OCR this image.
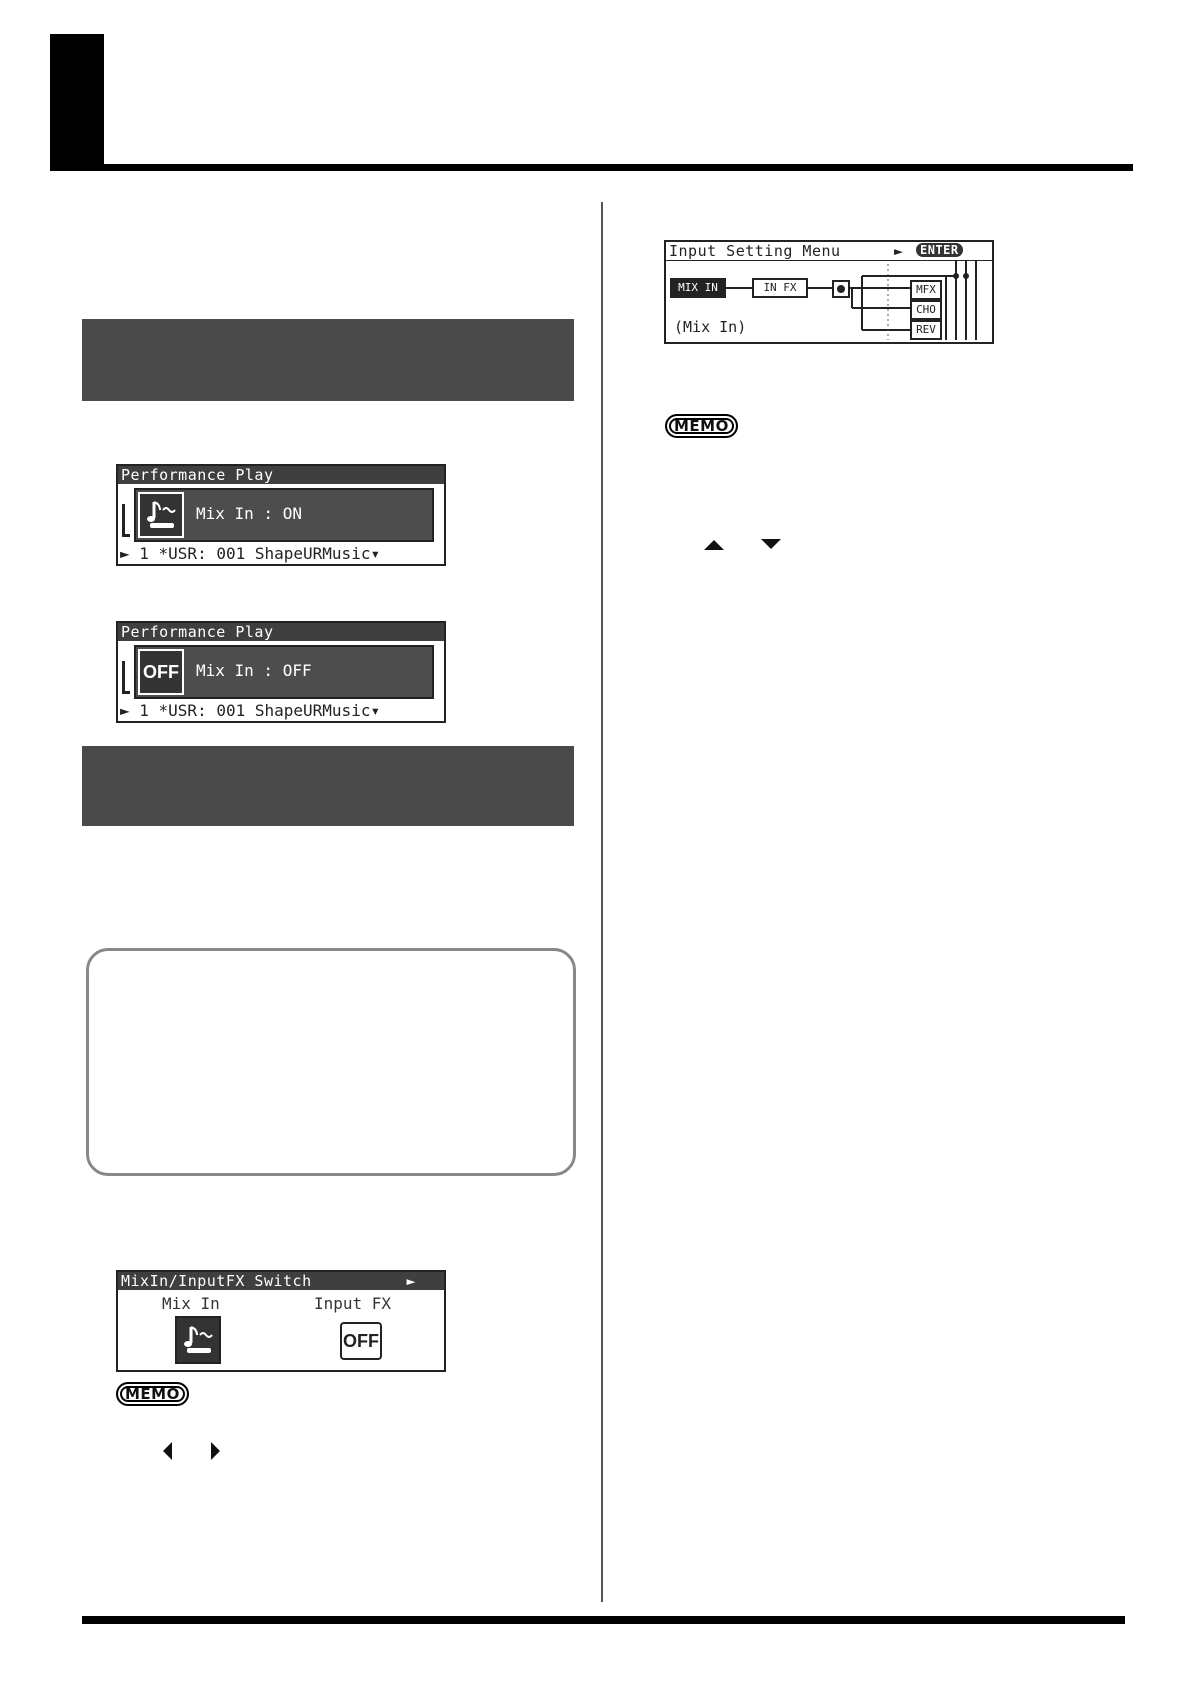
Performance Play
Mix In : ON
► 1 *USR: 001 ShapeURMusic▾
Performance Play
OFF Mix In : OFF
► 1 *USR: 001 ShapeURMusic▾
MixIn/InputFX Switch	►
Mix In	Input FX
OFF
MEMO
MEMO
Input Setting Menu	►	ENTER
MIX IN	IN FX	MFX
CHO
REV
(Mix In)
